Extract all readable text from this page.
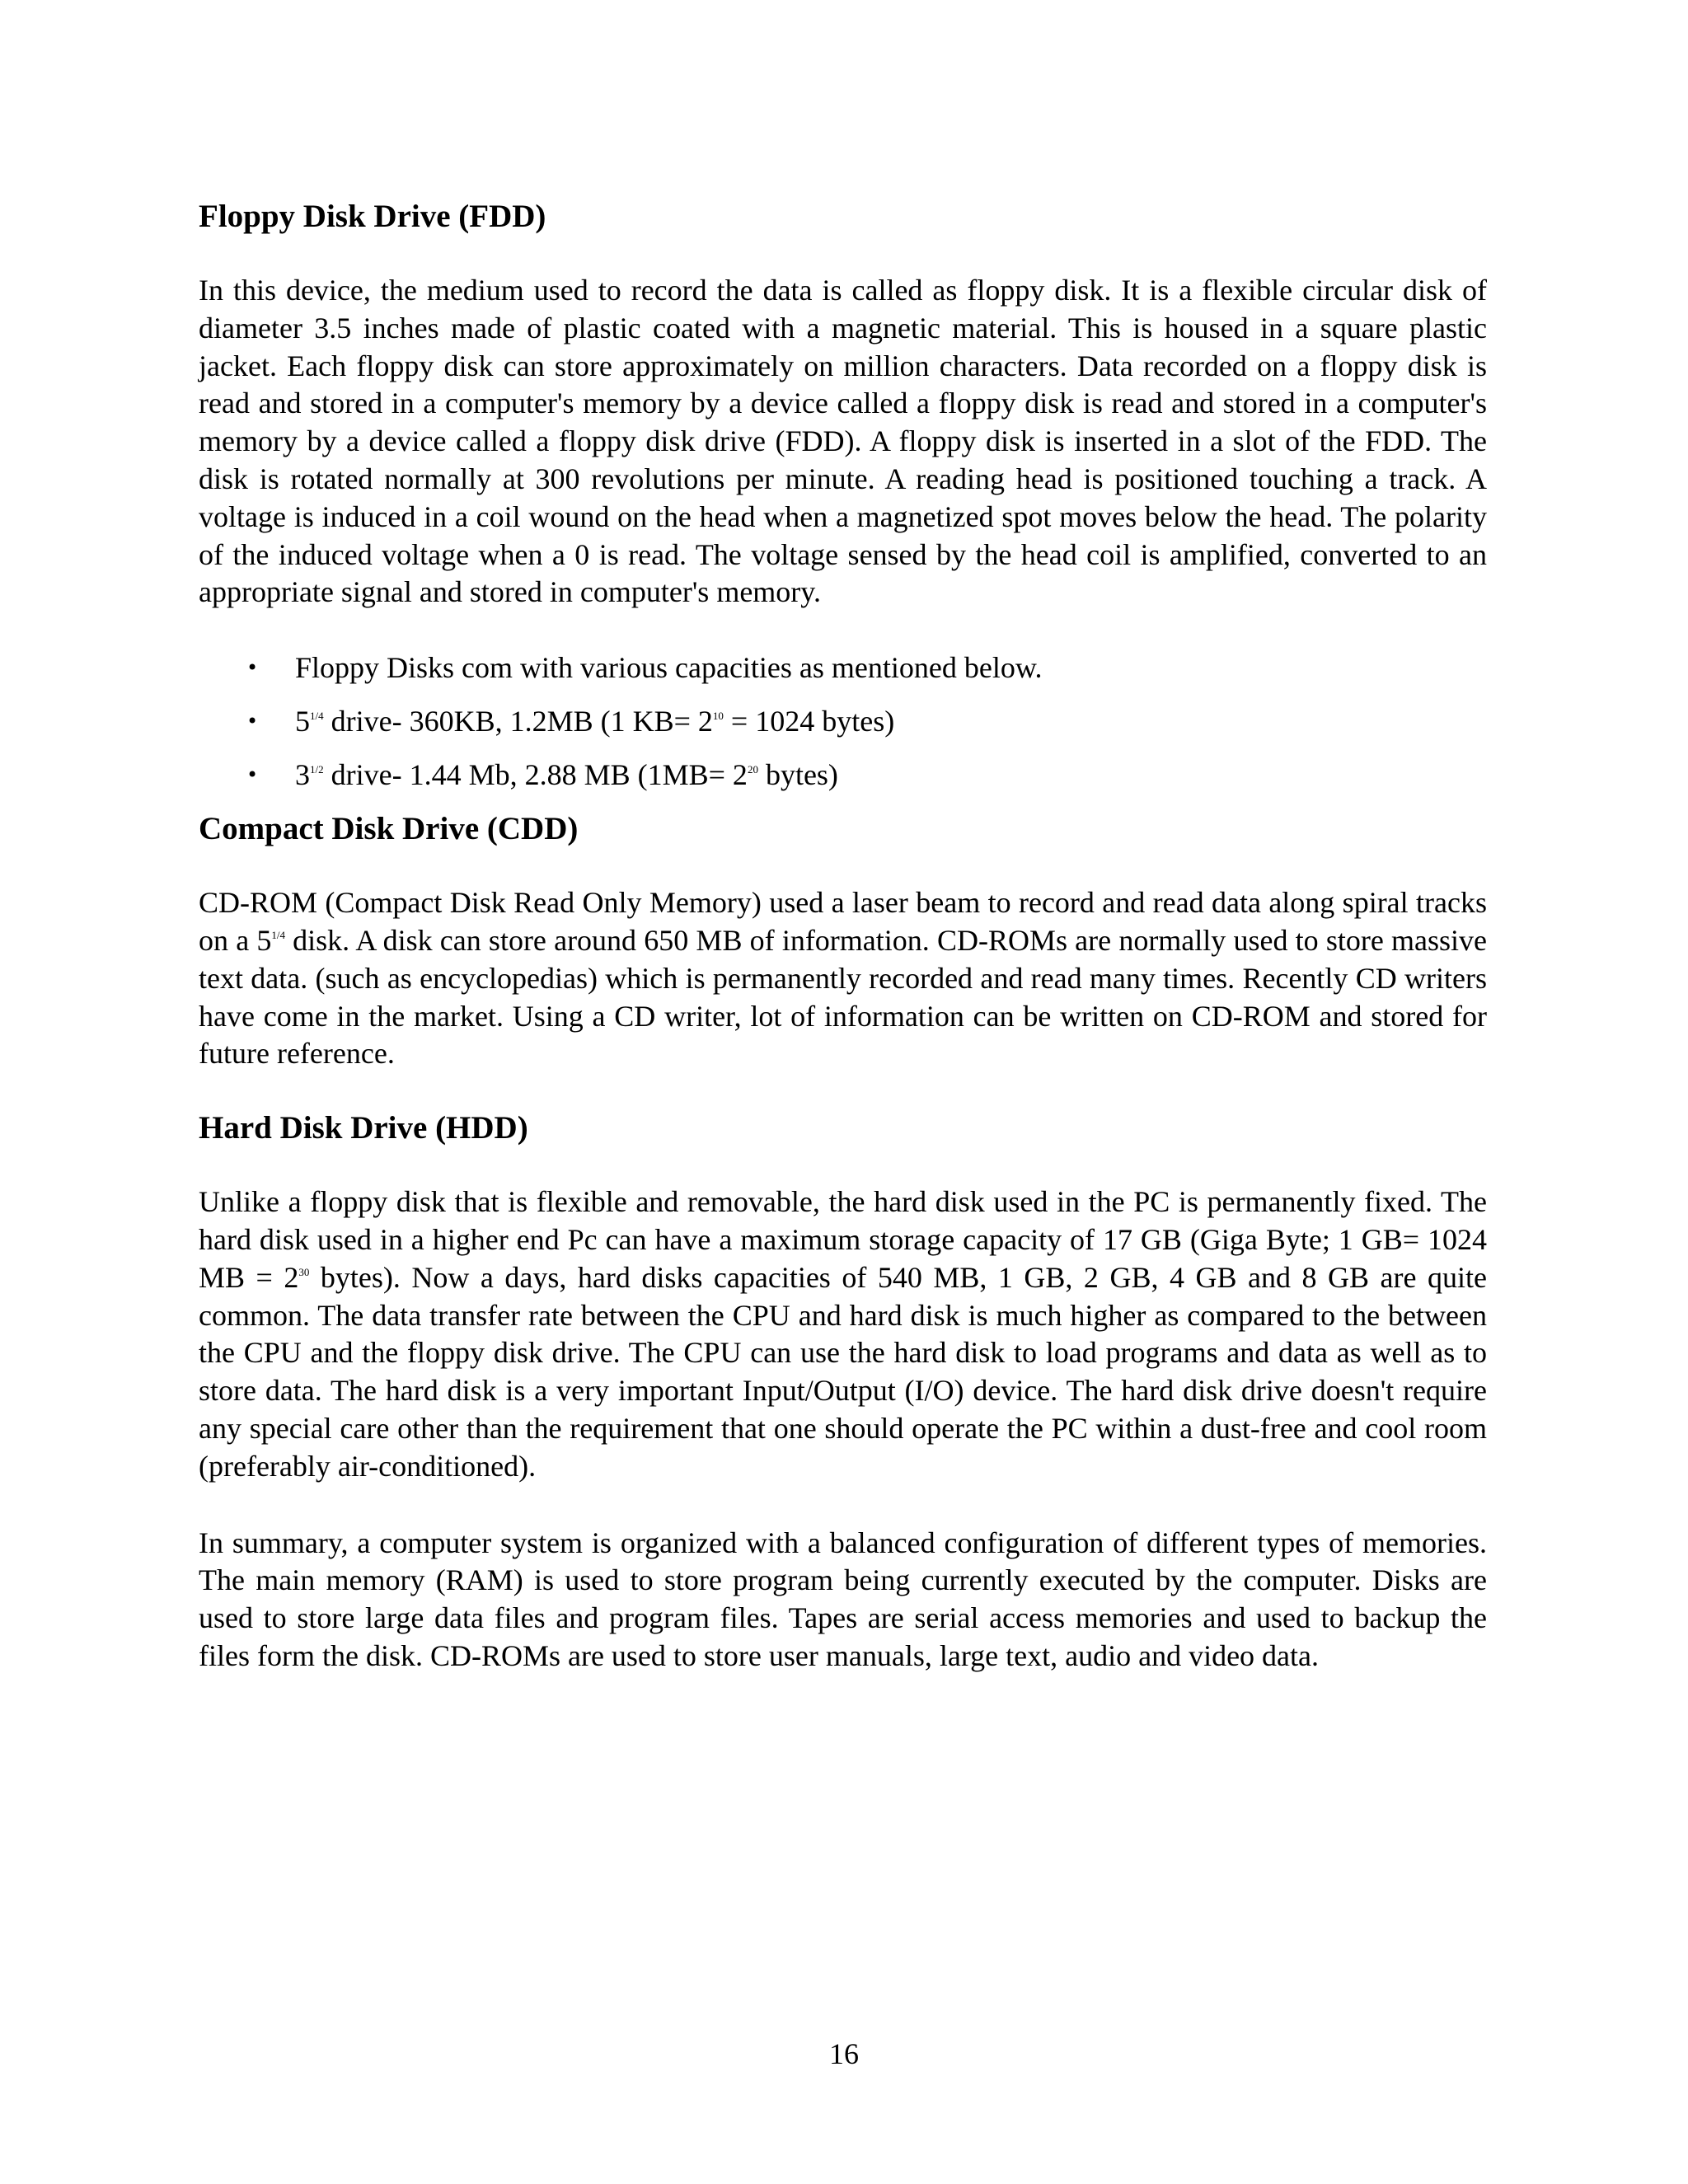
Floppy Disk Drive (FDD)

In this device, the medium used to record the data is called as floppy disk. It is a flexible circular disk of diameter 3.5 inches made of plastic coated with a magnetic material. This is housed in a square plastic jacket. Each floppy disk can store approximately on million characters. Data recorded on a floppy disk is read and stored in a computer's memory by a device called a floppy disk is read and stored in a computer's memory by a device called a floppy disk drive (FDD). A floppy disk is inserted in a slot of the FDD. The disk is rotated normally at 300 revolutions per minute. A reading head is positioned touching a track. A voltage is induced in a coil wound on the head when a magnetized spot moves below the head. The polarity of the induced voltage when a 0 is read. The voltage sensed by the head coil is amplified, converted to an appropriate signal and stored in computer's memory.

• Floppy Disks com with various capacities as mentioned below.
• $5^{1/4}$ drive- 360KB, 1.2MB (1 $KB= 2^{10} = 1024$ bytes)
• $3^{1/2}$ drive- 1.44 Mb, 2.88 MB ($1MB= 2^{20}$ bytes)
Compact Disk Drive (CDD)

CD-ROM (Compact Disk Read Only Memory) used a laser beam to record and read data along spiral tracks on a $5^{1/4}$ disk. A disk can store around 650 MB of information. CD-ROMs are normally used to store massive text data. (such as encyclopedias) which is permanently recorded and read many times. Recently CD writers have come in the market. Using a CD writer, lot of information can be written on CD-ROM and stored for future reference.

Hard Disk Drive (HDD)

Unlike a floppy disk that is flexible and removable, the hard disk used in the PC is permanently fixed. The hard disk used in a higher end Pc can have a maximum storage capacity of 17 GB (Giga Byte; 1 GB= 1024 MB = $2^{30}$ bytes). Now a days, hard disks capacities of 540 MB, 1 GB, 2 GB, 4 GB and 8 GB are quite common. The data transfer rate between the CPU and hard disk is much higher as compared to the between the CPU and the floppy disk drive. The CPU can use the hard disk to load programs and data as well as to store data. The hard disk is a very important Input/Output (I/O) device. The hard disk drive doesn't require any special care other than the requirement that one should operate the PC within a dust-free and cool room (preferably air-conditioned).

In summary, a computer system is organized with a balanced configuration of different types of memories. The main memory (RAM) is used to store program being currently executed by the computer. Disks are used to store large data files and program files. Tapes are serial access memories and used to backup the files form the disk. CD-ROMs are used to store user manuals, large text, audio and video data.

16
